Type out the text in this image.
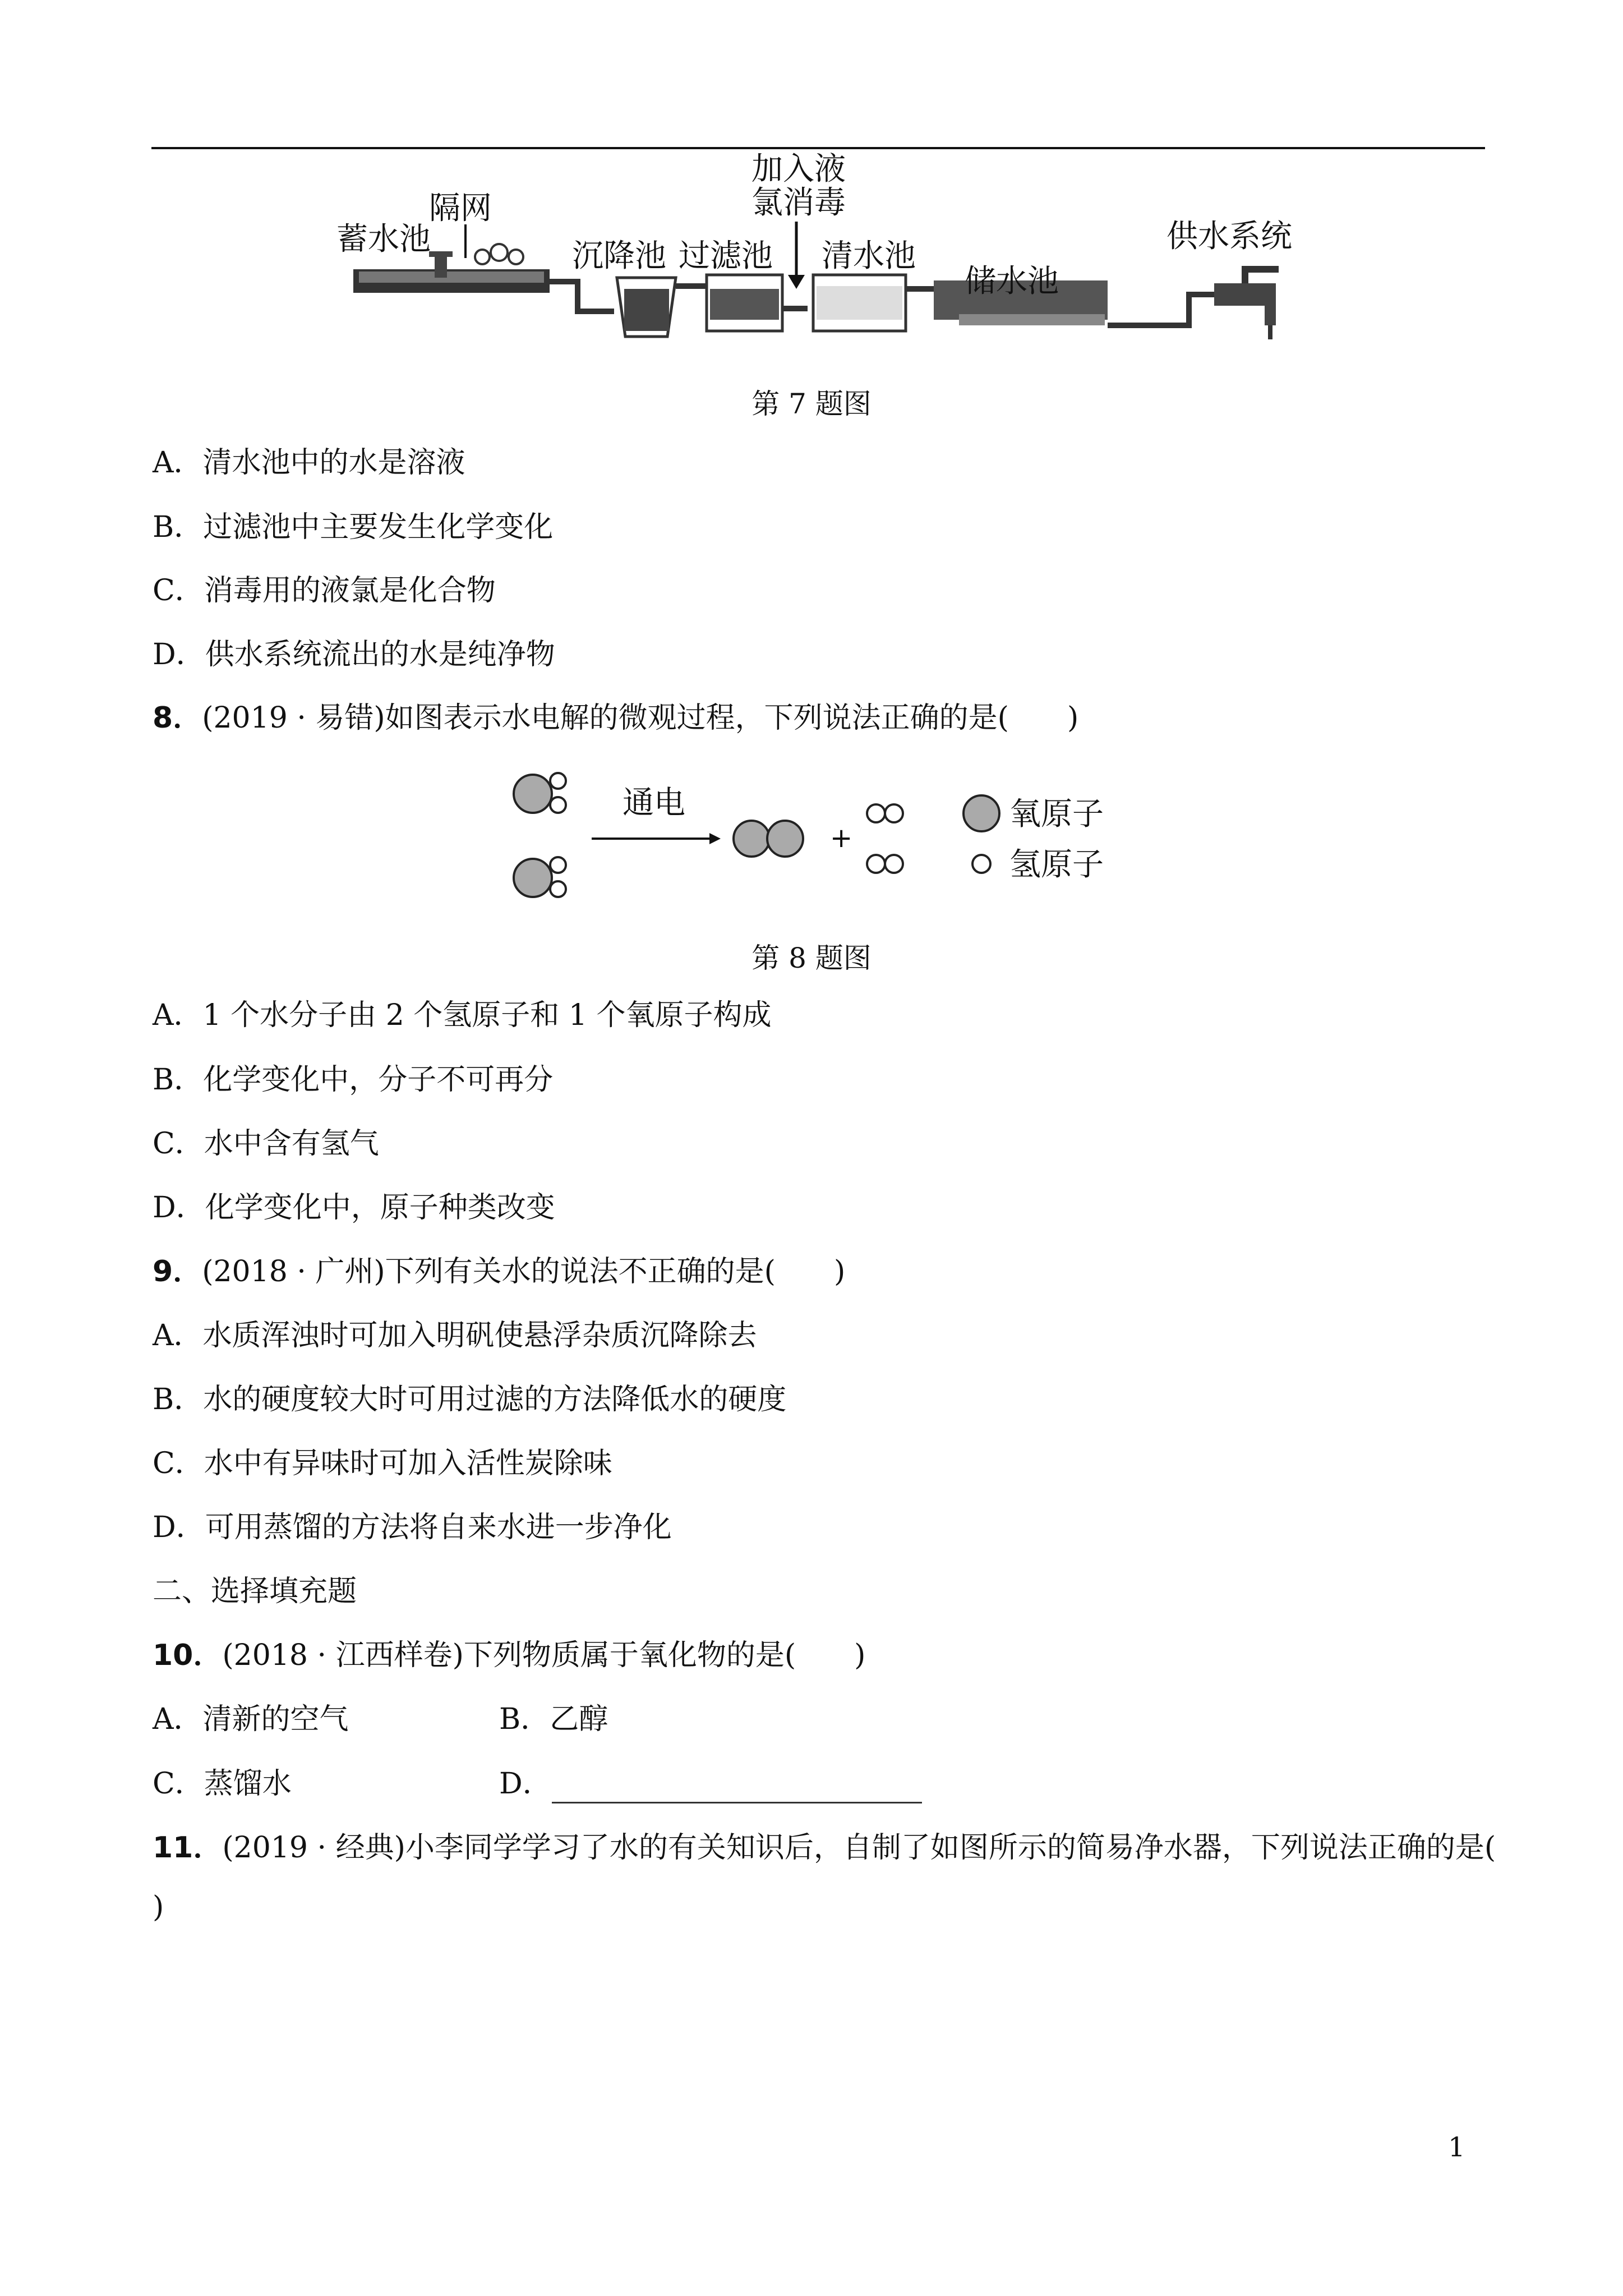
蓄水池
隔网
沉降池 过滤池
加入液
氯消毒
清水池
储水池
供水系统
第 7 题图
A．清水池中的水是溶液
B．过滤池中主要发生化学变化
C．消毒用的液氯是化合物
D．供水系统流出的水是纯净物
8．(2019 · 易错)如图表示水电解的微观过程，下列说法正确的是(　　)
通电
+
氧原子
氢原子
第 8 题图
A．1 个水分子由 2 个氢原子和 1 个氧原子构成
B．化学变化中，分子不可再分
C．水中含有氢气
D．化学变化中，原子种类改变
9．(2018 · 广州)下列有关水的说法不正确的是(　　)
A．水质浑浊时可加入明矾使悬浮杂质沉降除去
B．水的硬度较大时可用过滤的方法降低水的硬度
C．水中有异味时可加入活性炭除味
D．可用蒸馏的方法将自来水进一步净化
二、选择填充题
10．(2018 · 江西样卷)下列物质属于氧化物的是(　　)
A．清新的空气	B．乙醇
C．蒸馏水	D．
11．(2019 · 经典)小李同学学习了水的有关知识后，自制了如图所示的简易净水器，下列说法正确的是(
)
1
